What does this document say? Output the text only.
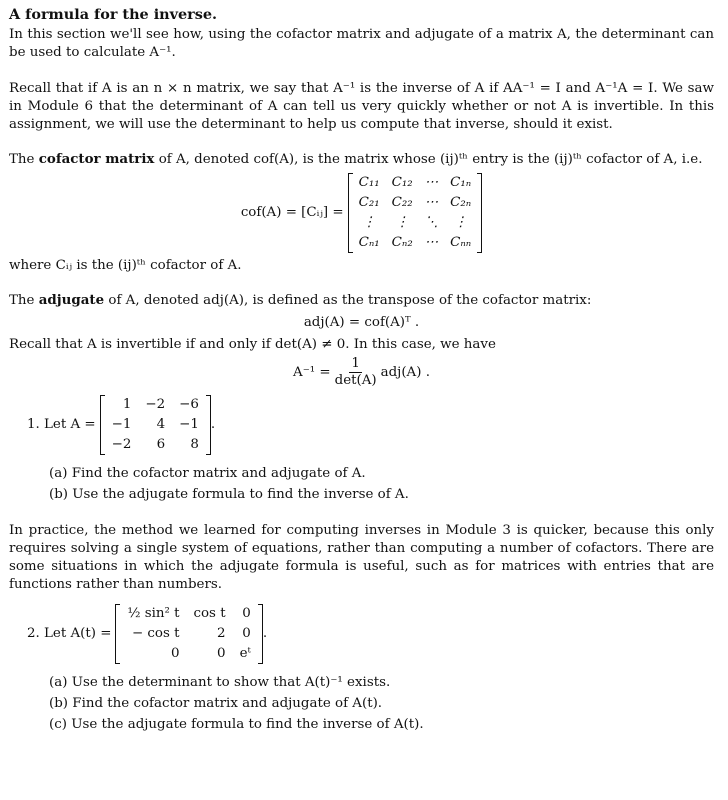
A formula for the inverse.

In this section we'll see how, using the cofactor matrix and adjugate of a matrix A, the determinant can be used to calculate A⁻¹.

Recall that if A is an n × n matrix, we say that A⁻¹ is the inverse of A if AA⁻¹ = I and A⁻¹A = I. We saw in Module 6 that the determinant of A can tell us very quickly whether or not A is invertible. In this assignment, we will use the determinant to help us compute that inverse, should it exist.

The cofactor matrix of A, denoted cof(A), is the matrix whose (ij)ᵗʰ entry is the (ij)ᵗʰ cofactor of A, i.e.

cof(A) = [Cᵢⱼ] =
C₁₁	C₁₂	⋯	C₁ₙ
C₂₁	C₂₂	⋯	C₂ₙ
⋮	⋮	⋱	⋮
Cₙ₁	Cₙ₂	⋯	Cₙₙ

where Cᵢⱼ is the (ij)ᵗʰ cofactor of A.

The adjugate of A, denoted adj(A), is defined as the transpose of the cofactor matrix:

adj(A) = cof(A)ᵀ .

Recall that A is invertible if and only if det(A) ≠ 0. In this case, we have

$A^{-1} = \frac{1}{\det(A)} adj(A)$ .
1. Let A =
1	−2	−6
−1	4	−1
−2	6	8
.
(a) Find the cofactor matrix and adjugate of A.
(b) Use the adjugate formula to find the inverse of A.

In practice, the method we learned for computing inverses in Module 3 is quicker, because this only requires solving a single system of equations, rather than computing a number of cofactors. There are some situations in which the adjugate formula is useful, such as for matrices with entries that are functions rather than numbers.

2. Let A(t) =
½ sin² t	cos t	0
− cos t	2	0
0	0	eᵗ
.
(a) Use the determinant to show that A(t)⁻¹ exists.
(b) Find the cofactor matrix and adjugate of A(t).
(c) Use the adjugate formula to find the inverse of A(t).
